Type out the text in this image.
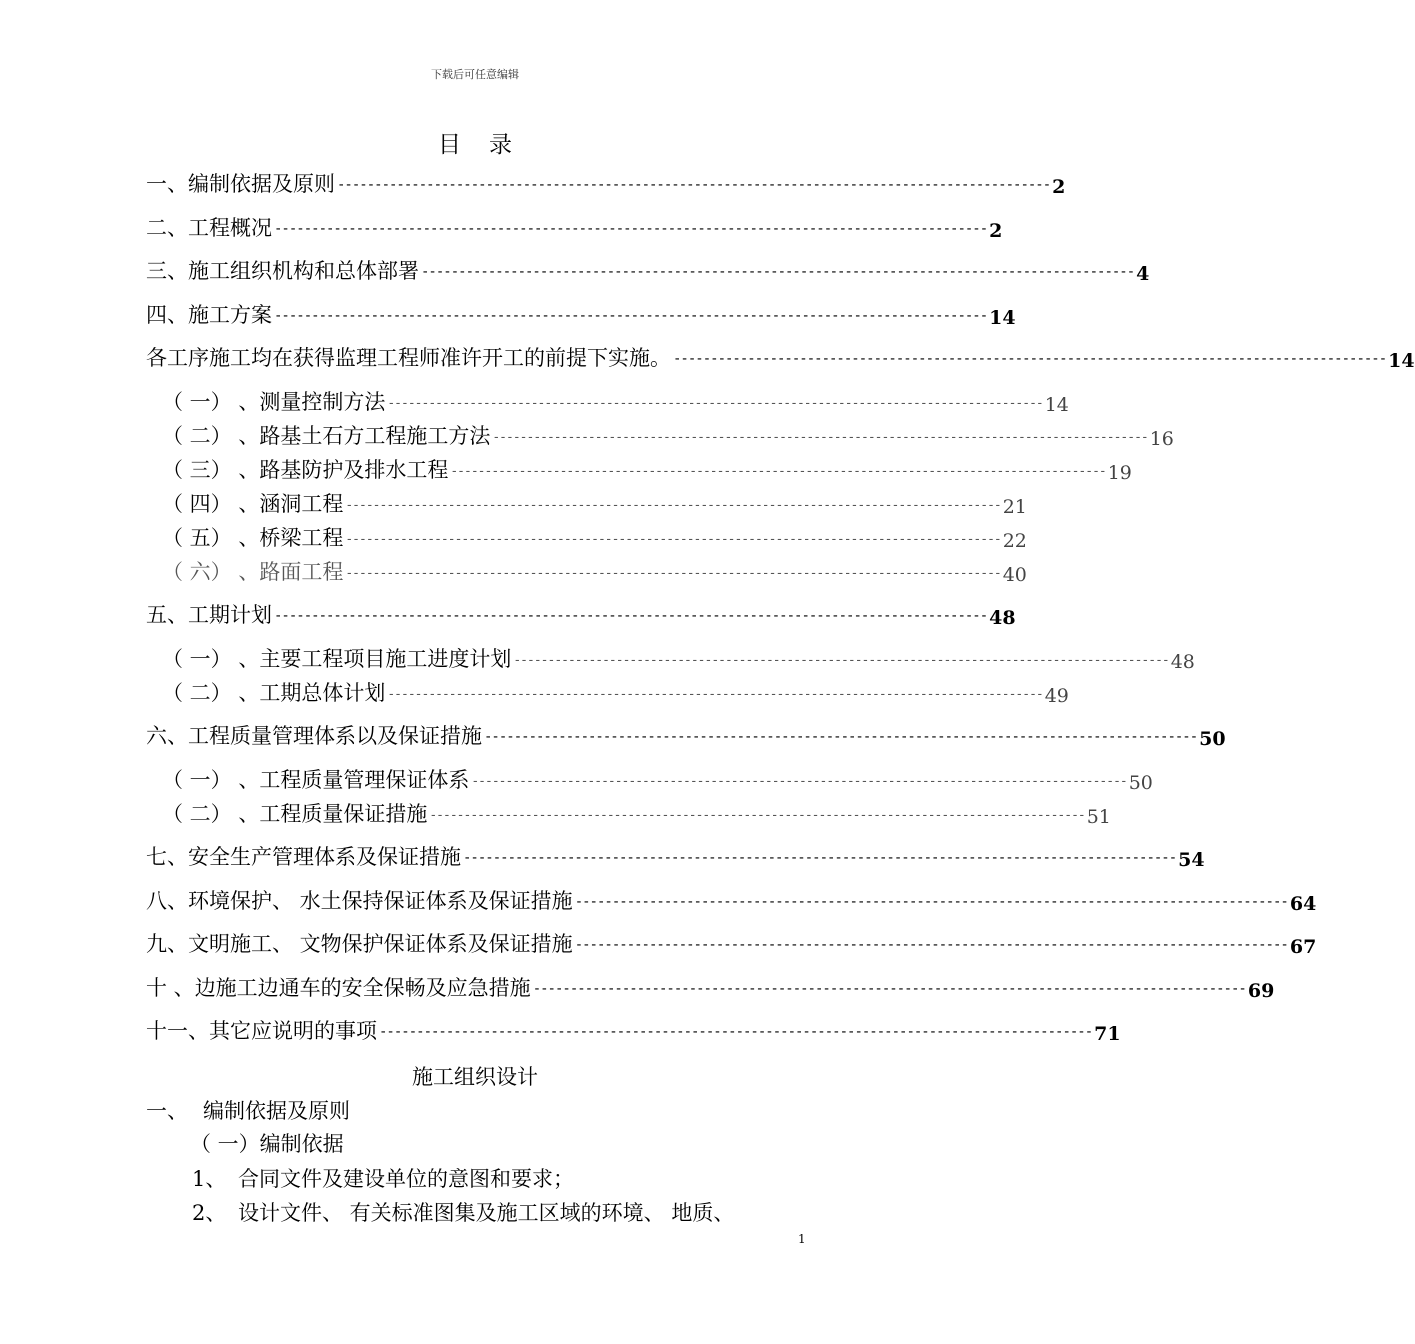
下载后可任意编辑
目录
一、 编制依据及原则 ------------------------------------------------------------------------------------------------ 2
二、 工程概况 ------------------------------------------------------------------------------------------------ 2
三、 施工组织机构和总体部署 ------------------------------------------------------------------------------------------------ 4
四、 施工方案 ------------------------------------------------------------------------------------------------ 14
各工序施工均在获得监理工程师准许开工的前提下实施。 ------------------------------------------------------------------------------------------------ 14
（ 一） 、 测量控制方法 ------------------------------------------------------------------------------------------------ 14
（ 二） 、 路基土石方工程施工方法 ------------------------------------------------------------------------------------------------ 16
（ 三） 、 路基防护及排水工程 ------------------------------------------------------------------------------------------------ 19
（ 四） 、 涵洞工程 ------------------------------------------------------------------------------------------------ 21
（ 五） 、 桥梁工程 ------------------------------------------------------------------------------------------------ 22
（ 六） 、 路面工程 ------------------------------------------------------------------------------------------------ 40
五、 工期计划 ------------------------------------------------------------------------------------------------ 48
（ 一） 、 主要工程项目施工进度计划 ------------------------------------------------------------------------------------------------ 48
（ 二） 、 工期总体计划 ------------------------------------------------------------------------------------------------ 49
六、 工程质量管理体系以及保证措施 ------------------------------------------------------------------------------------------------ 50
（ 一） 、 工程质量管理保证体系 ------------------------------------------------------------------------------------------------ 50
（ 二） 、 工程质量保证措施 ------------------------------------------------------------------------------------------------ 51
七、 安全生产管理体系及保证措施 ------------------------------------------------------------------------------------------------ 54
八、 环境保护、 水土保持保证体系及保证措施 ------------------------------------------------------------------------------------------------ 64
九、 文明施工、 文物保护保证体系及保证措施 ------------------------------------------------------------------------------------------------ 67
十 、 边施工边通车的安全保畅及应急措施 ------------------------------------------------------------------------------------------------ 69
十一、 其它应说明的事项 ------------------------------------------------------------------------------------------------ 71
施工组织设计
一、 编制依据及原则
（ 一）编制依据
1、 合同文件及建设单位的意图和要求；
2、 设计文件、 有关标准图集及施工区域的环境、 地质、
1
